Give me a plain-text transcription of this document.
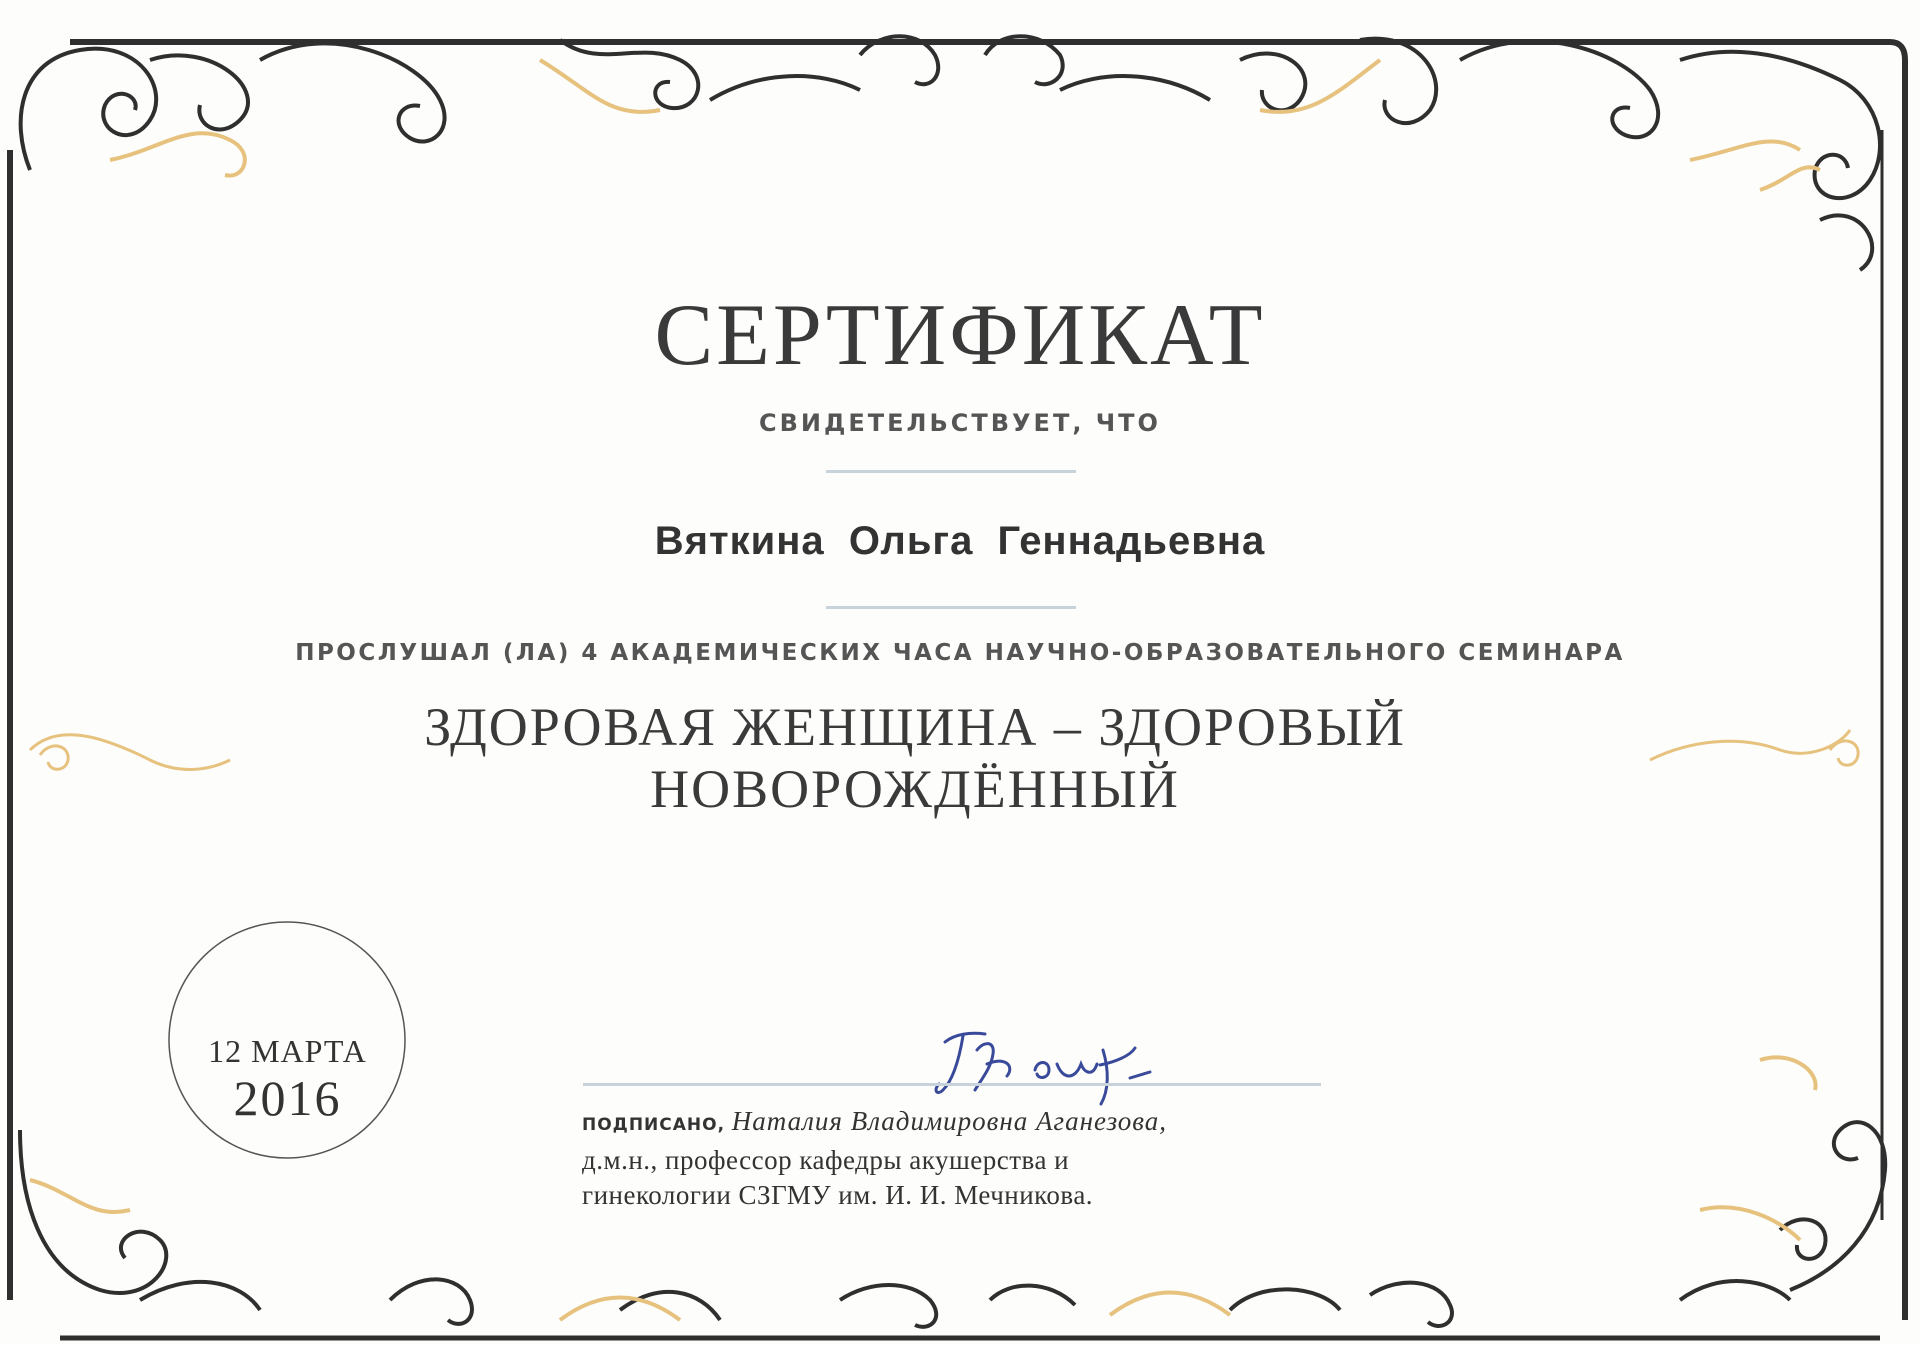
СЕРТИФИКАТ
СВИДЕТЕЛЬСТВУЕТ, ЧТО
Вяткина  Ольга  Геннадьевна
ПРОСЛУШАЛ (ЛА) 4 АКАДЕМИЧЕСКИХ ЧАСА НАУЧНО-ОБРАЗОВАТЕЛЬНОГО СЕМИНАРА
ЗДОРОВАЯ ЖЕНЩИНА – ЗДОРОВЫЙ
НОВОРОЖДЁННЫЙ
12 МАРТА
2016	ПОДПИСАНО, Наталия Владимировна Аганезова,
д.м.н., профессор кафедры акушерства и
гинекологии СЗГМУ им. И. И. Мечникова.
